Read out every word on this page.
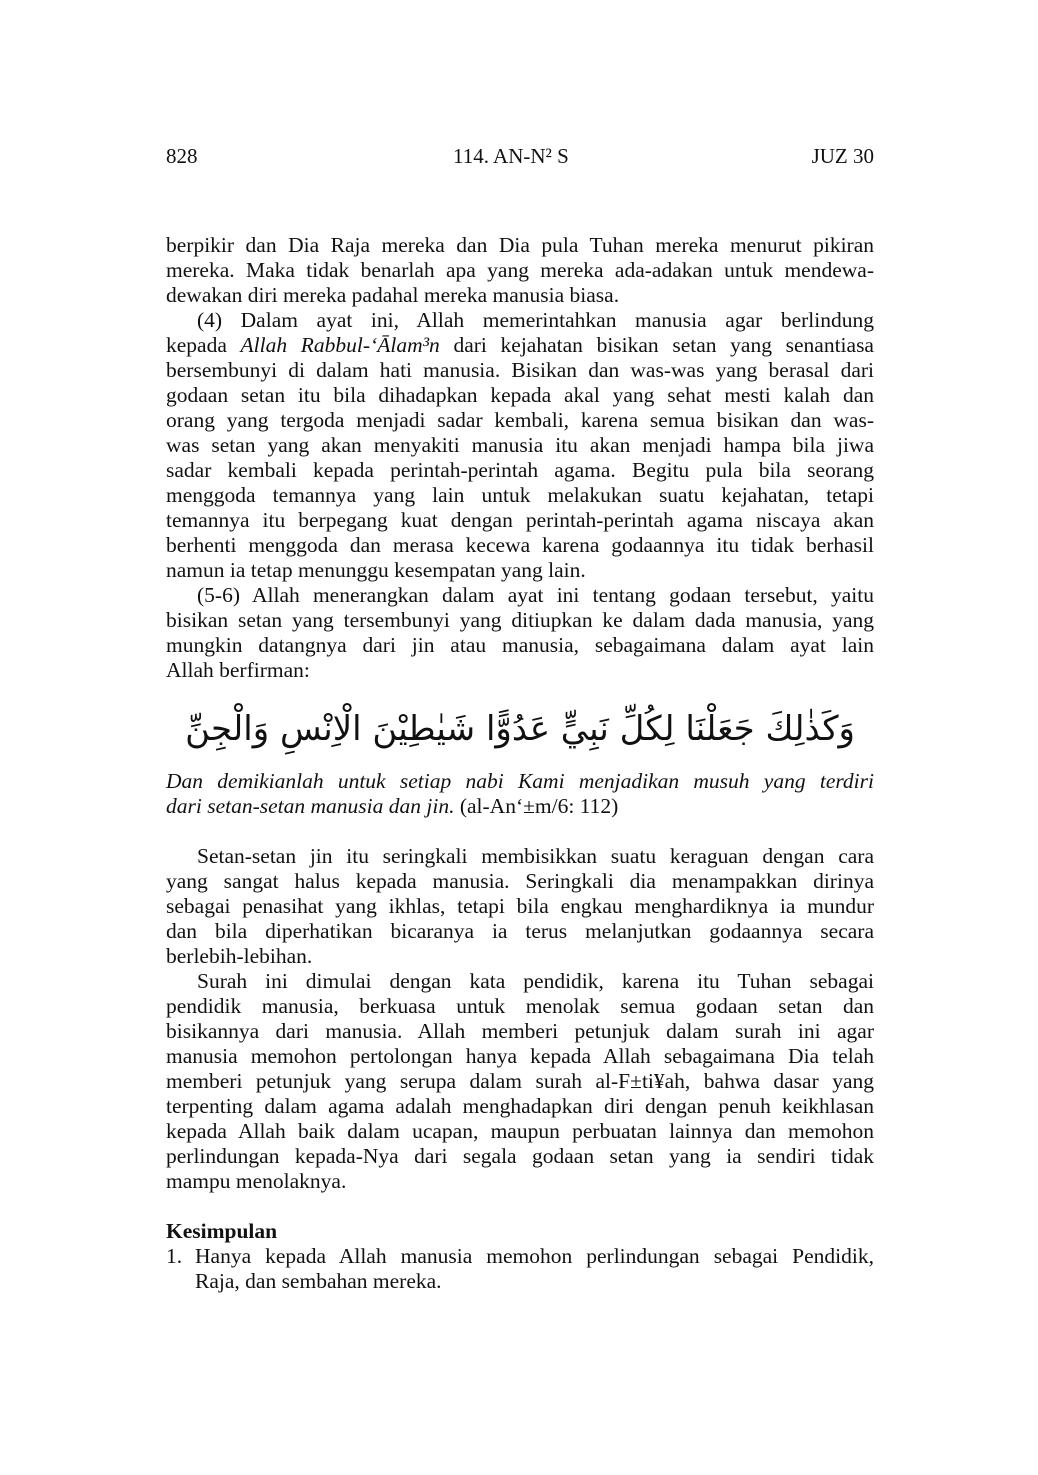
828	114. AN-N² S	JUZ 30
berpikir dan Dia Raja mereka dan Dia pula Tuhan mereka menurut pikiran
mereka. Maka tidak benarlah apa yang mereka ada-adakan untuk mendewa-
dewakan diri mereka padahal mereka manusia biasa.
(4) Dalam ayat ini, Allah memerintahkan manusia agar berlindung
kepada Allah Rabbul-‘Ālam³n dari kejahatan bisikan setan yang senantiasa
bersembunyi di dalam hati manusia. Bisikan dan was-was yang berasal dari
godaan setan itu bila dihadapkan kepada akal yang sehat mesti kalah dan
orang yang tergoda menjadi sadar kembali, karena semua bisikan dan was-
was setan yang akan menyakiti manusia itu akan menjadi hampa bila jiwa
sadar kembali kepada perintah-perintah agama. Begitu pula bila seorang
menggoda temannya yang lain untuk melakukan suatu kejahatan, tetapi
temannya itu berpegang kuat dengan perintah-perintah agama niscaya akan
berhenti menggoda dan merasa kecewa karena godaannya itu tidak berhasil
namun ia tetap menunggu kesempatan yang lain.
(5-6) Allah menerangkan dalam ayat ini tentang godaan tersebut, yaitu
bisikan setan yang tersembunyi yang ditiupkan ke dalam dada manusia, yang
mungkin datangnya dari jin atau manusia, sebagaimana dalam ayat lain
Allah berfirman:
وَكَذٰلِكَ جَعَلْنَا لِكُلِّ نَبِيٍّ عَدُوًّا شَيٰطِيْنَ الْاِنْسِ وَالْجِنِّ
Dan demikianlah untuk setiap nabi Kami menjadikan musuh yang terdiri
dari setan-setan manusia dan jin. (al-An‘±m/6: 112)
Setan-setan jin itu seringkali membisikkan suatu keraguan dengan cara
yang sangat halus kepada manusia. Seringkali dia menampakkan dirinya
sebagai penasihat yang ikhlas, tetapi bila engkau menghardiknya ia mundur
dan bila diperhatikan bicaranya ia terus melanjutkan godaannya secara
berlebih-lebihan.
Surah ini dimulai dengan kata pendidik, karena itu Tuhan sebagai
pendidik manusia, berkuasa untuk menolak semua godaan setan dan
bisikannya dari manusia. Allah memberi petunjuk dalam surah ini agar
manusia memohon pertolongan hanya kepada Allah sebagaimana Dia telah
memberi petunjuk yang serupa dalam surah al-F±ti¥ah, bahwa dasar yang
terpenting dalam agama adalah menghadapkan diri dengan penuh keikhlasan
kepada Allah baik dalam ucapan, maupun perbuatan lainnya dan memohon
perlindungan kepada-Nya dari segala godaan setan yang ia sendiri tidak
mampu menolaknya.
Kesimpulan
1. Hanya kepada Allah manusia memohon perlindungan sebagai Pendidik,
Raja, dan sembahan mereka.
